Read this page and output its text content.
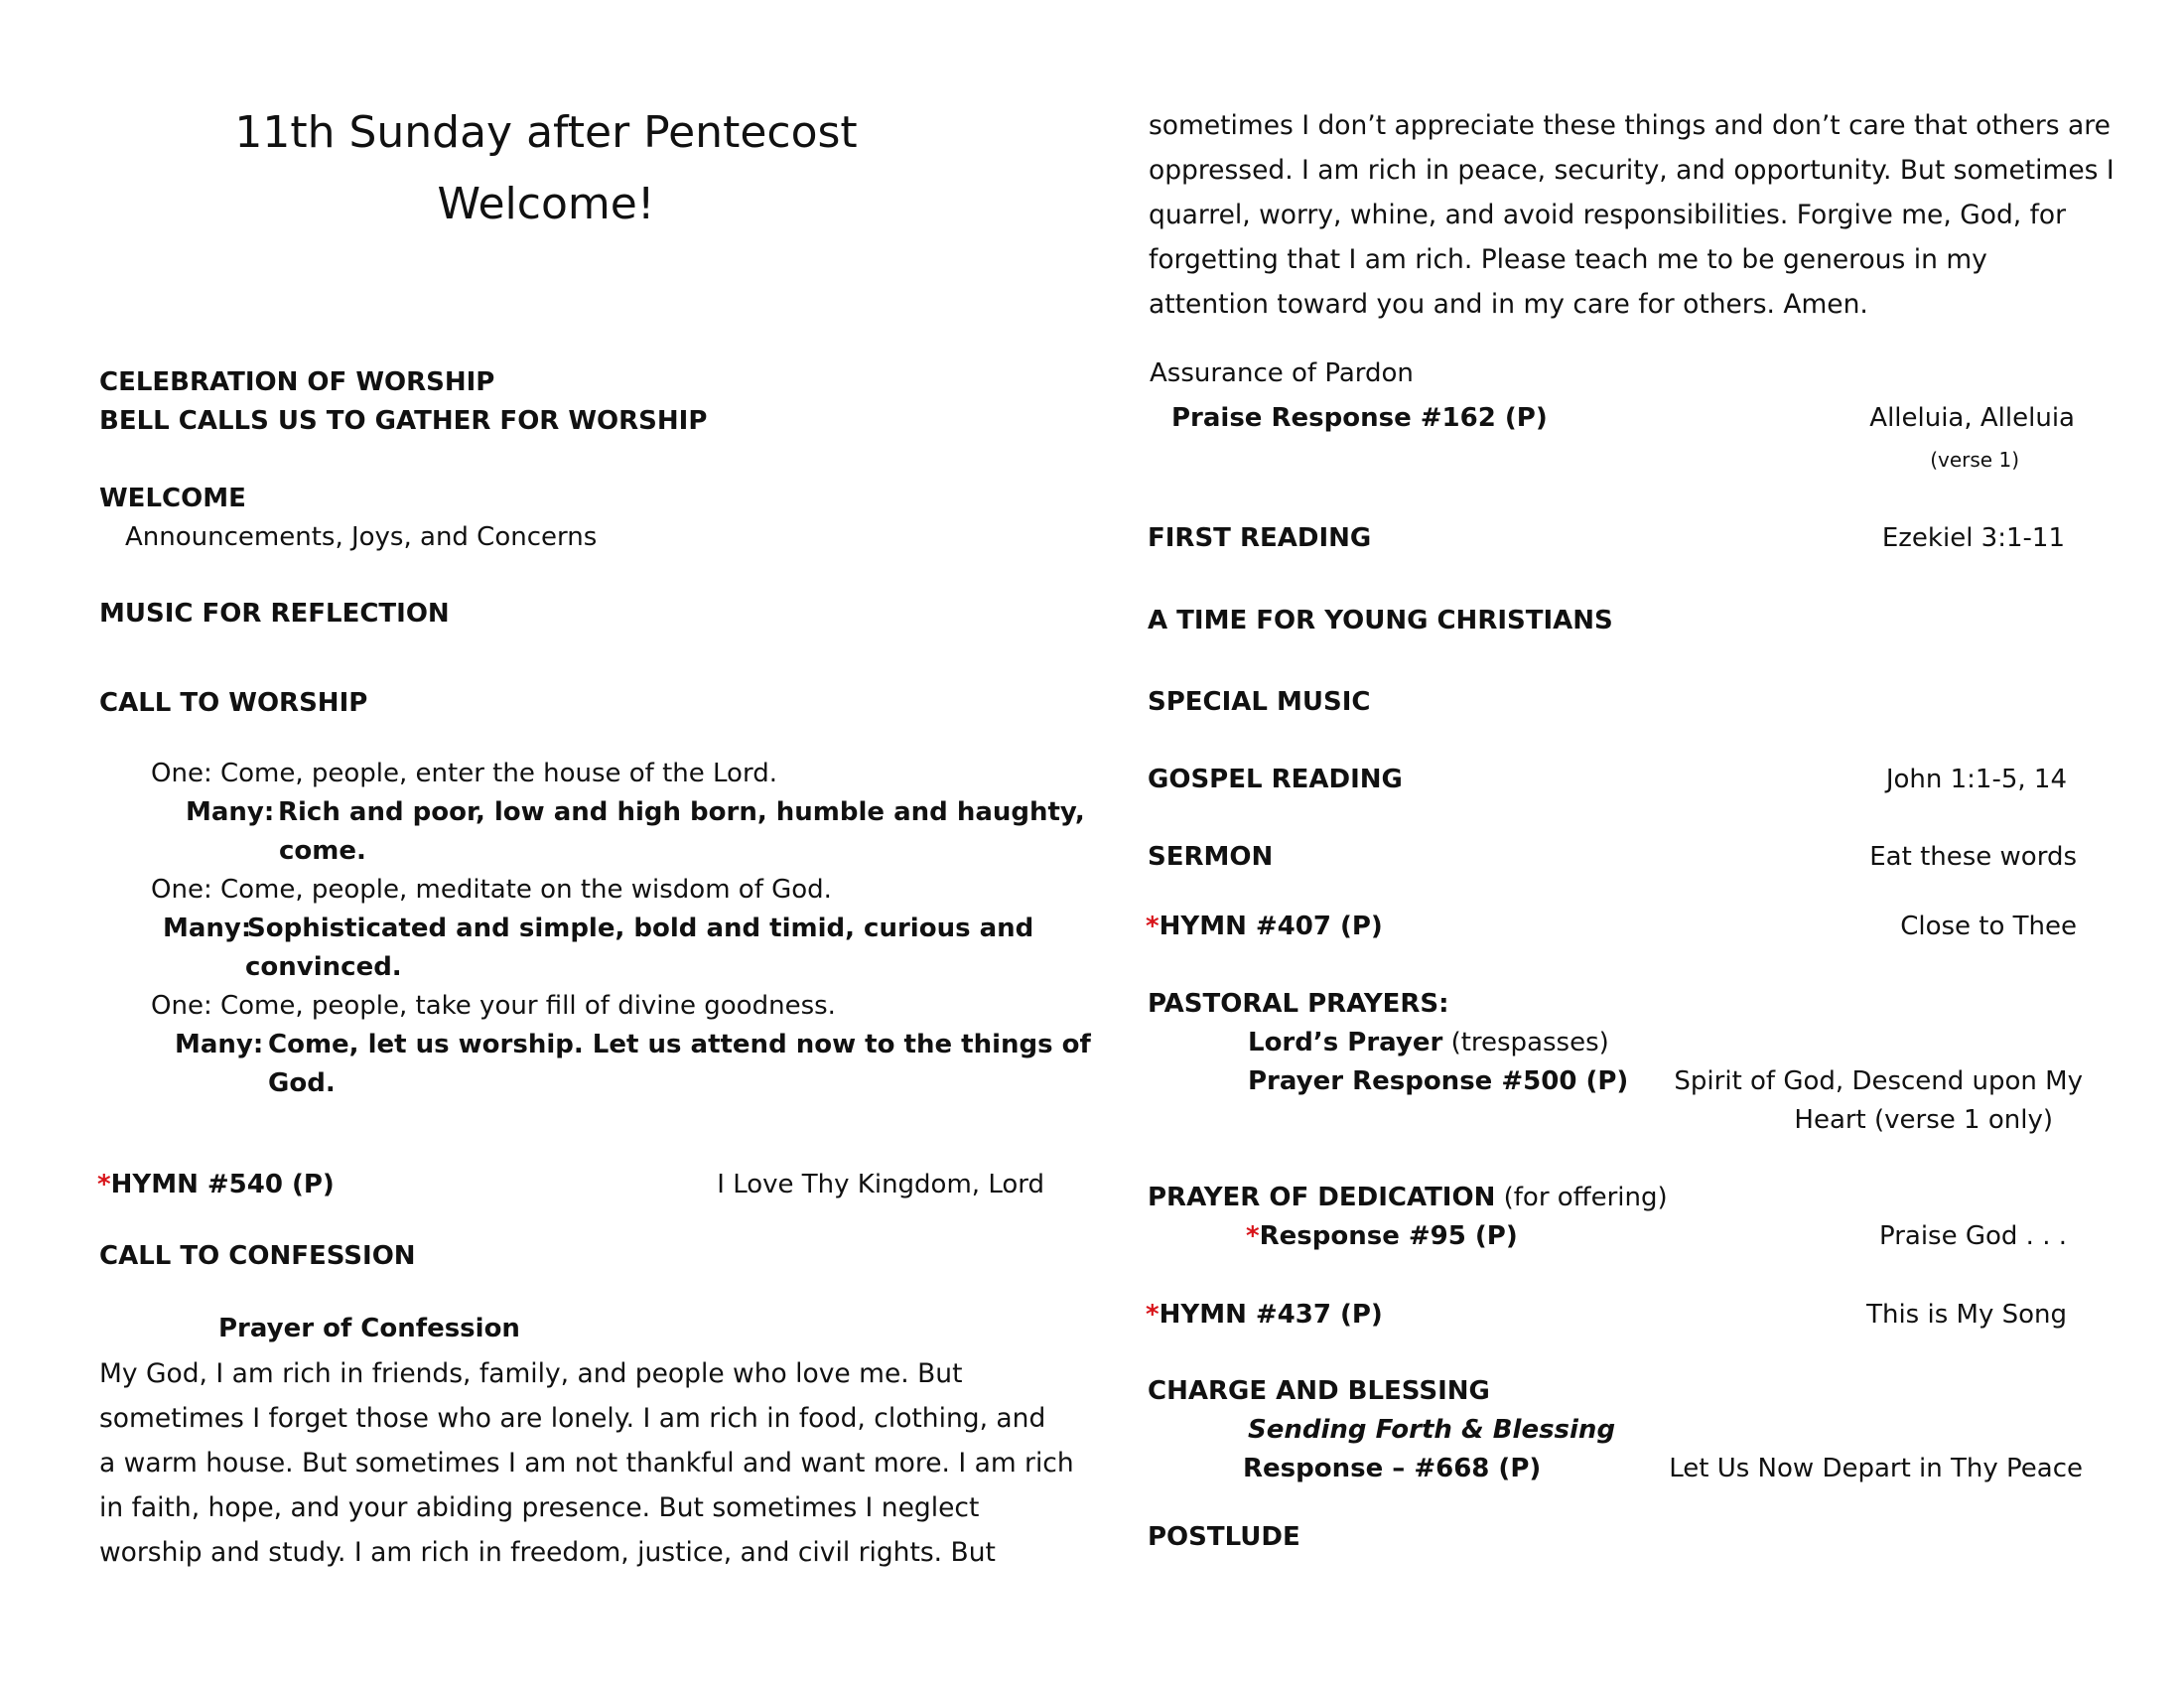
11th Sunday after Pentecost
Welcome!
CELEBRATION OF WORSHIP
BELL CALLS US TO GATHER FOR WORSHIP
WELCOME
Announcements, Joys, and Concerns
MUSIC FOR REFLECTION
CALL TO WORSHIP
One: Come, people, enter the house of the Lord.
Many: Rich and poor, low and high born, humble and haughty,
come.
One: Come, people, meditate on the wisdom of God.
Many:
Sophisticated and simple, bold and timid, curious and
convinced.
One: Come, people, take your fill of divine goodness.
Many: Come, let us worship. Let us attend now to the things of
God.
*HYMN #540 (P)	I Love Thy Kingdom, Lord
CALL TO CONFESSION
Prayer of Confession
My God, I am rich in friends, family, and people who love me. But
sometimes I forget those who are lonely. I am rich in food, clothing, and
a warm house. But sometimes I am not thankful and want more. I am rich
in faith, hope, and your abiding presence. But sometimes I neglect
worship and study. I am rich in freedom, justice, and civil rights. But
sometimes I don’t appreciate these things and don’t care that others are
oppressed. I am rich in peace, security, and opportunity. But sometimes I
quarrel, worry, whine, and avoid responsibilities. Forgive me, God, for
forgetting that I am rich. Please teach me to be generous in my
attention toward you and in my care for others. Amen.
Assurance of Pardon
Praise Response #162 (P)	Alleluia, Alleluia
(verse 1)
FIRST READING	Ezekiel 3:1-11
A TIME FOR YOUNG CHRISTIANS
SPECIAL MUSIC
GOSPEL READING	John 1:1-5, 14
SERMON	Eat these words
*HYMN #407 (P)	Close to Thee
PASTORAL PRAYERS:
Lord’s Prayer (trespasses)
Prayer Response #500 (P) Spirit of God, Descend upon My
Heart (verse 1 only)
PRAYER OF DEDICATION (for offering)
*Response #95 (P)	Praise God . . .
*HYMN #437 (P)	This is My Song
CHARGE AND BLESSING
Sending Forth & Blessing
Response – #668 (P)	Let Us Now Depart in Thy Peace
POSTLUDE
